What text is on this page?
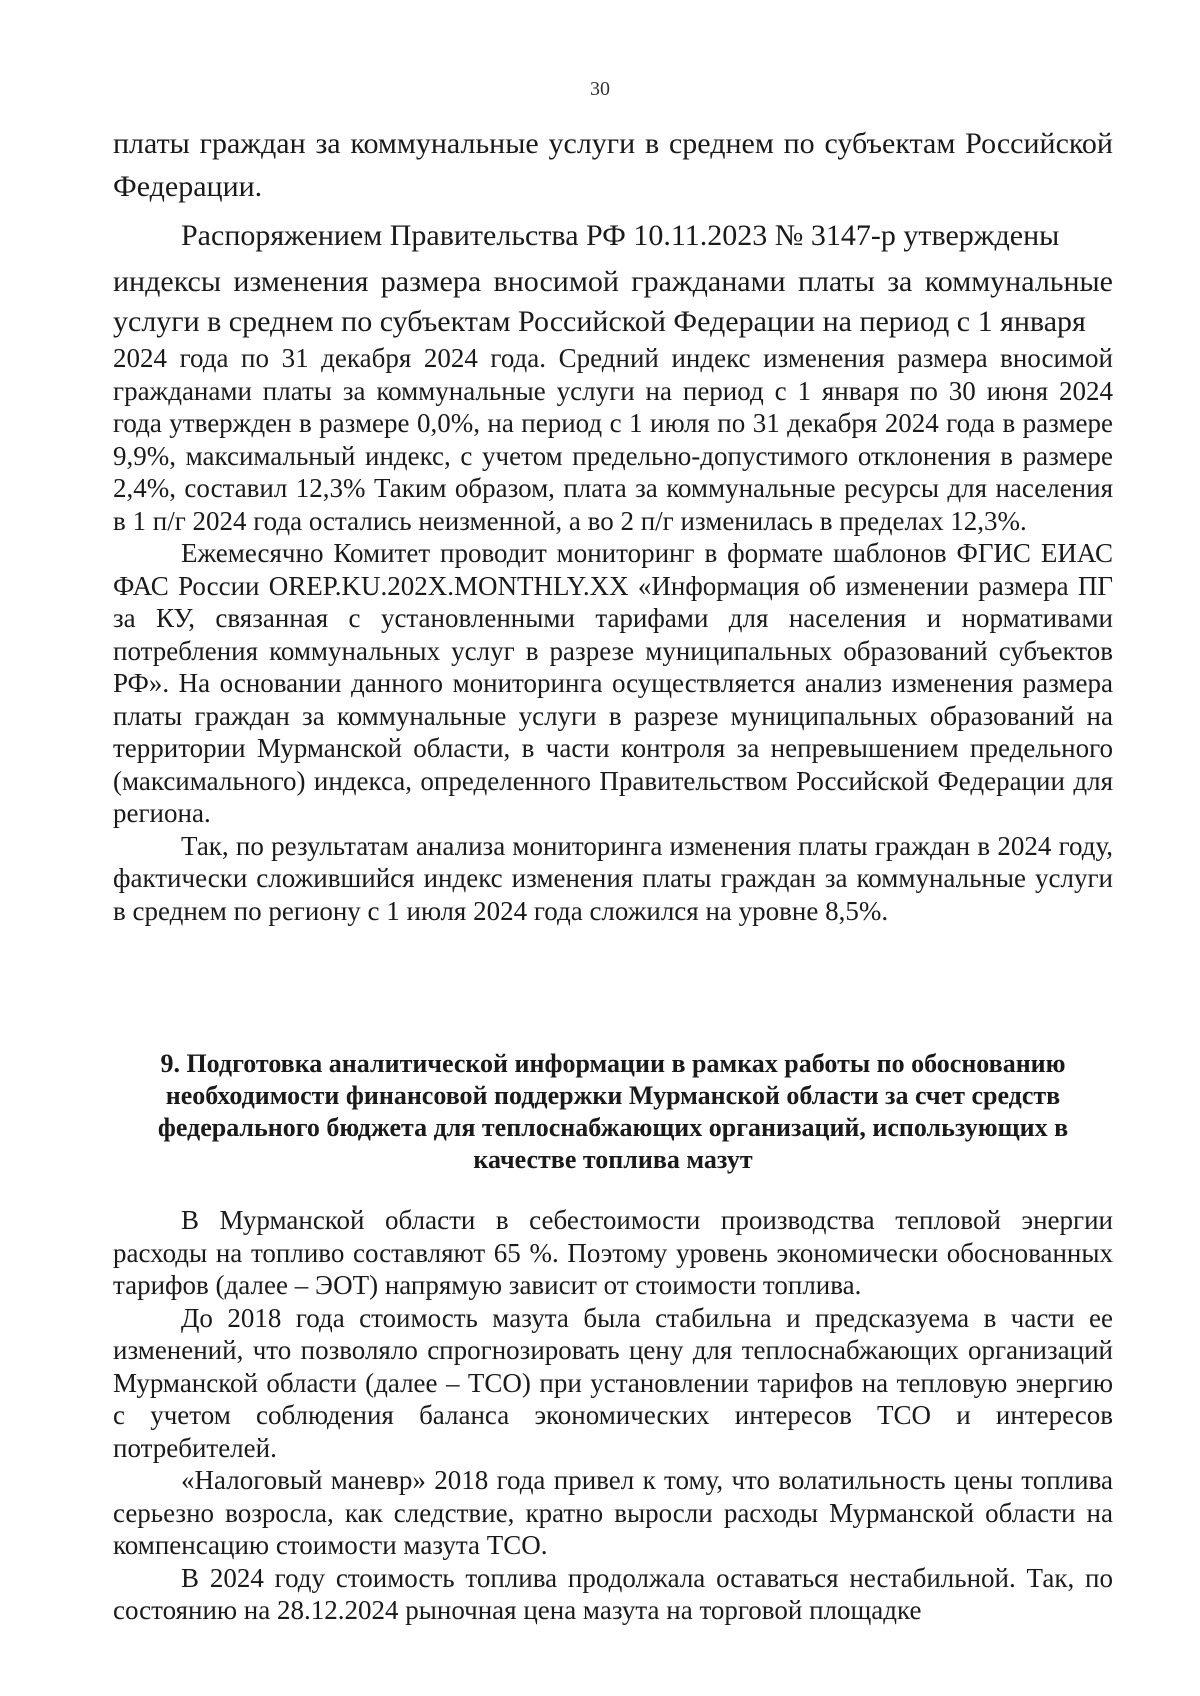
30

платы граждан за коммунальные услуги в среднем по субъектам Российской Федерации.

Распоряжением Правительства РФ 10.11.2023 № 3147-р утверждены

индексы изменения размера вносимой гражданами платы за коммунальные услуги в среднем по субъектам Российской Федерации на период с 1 января

2024 года по 31 декабря 2024 года. Средний индекс изменения размера вносимой гражданами платы за коммунальные услуги на период с 1 января по 30 июня 2024 года утвержден в размере 0,0%, на период с 1 июля по 31 декабря 2024 года в размере 9,9%, максимальный индекс, с учетом предельно-допустимого отклонения в размере 2,4%, составил 12,3% Таким образом, плата за коммунальные ресурсы для населения в 1 п/г 2024 года остались неизменной, а во 2 п/г изменилась в пределах 12,3%.

Ежемесячно Комитет проводит мониторинг в формате шаблонов ФГИС ЕИАС ФАС России OREP.KU.202X.MONTHLY.XX «Информация об изменении размера ПГ за КУ, связанная с установленными тарифами для населения и нормативами потребления коммунальных услуг в разрезе муниципальных образований субъектов РФ». На основании данного мониторинга осуществляется анализ изменения размера платы граждан за коммунальные услуги в разрезе муниципальных образований на территории Мурманской области, в части контроля за непревышением предельного (максимального) индекса, определенного Правительством Российской Федерации для региона.

Так, по результатам анализа мониторинга изменения платы граждан в 2024 году, фактически сложившийся индекс изменения платы граждан за коммунальные услуги в среднем по региону с 1 июля 2024 года сложился на уровне 8,5%.

9. Подготовка аналитической информации в рамках работы по обоснованию необходимости финансовой поддержки Мурманской области за счет средств федерального бюджета для теплоснабжающих организаций, использующих в качестве топлива мазут

В Мурманской области в себестоимости производства тепловой энергии расходы на топливо составляют 65 %. Поэтому уровень экономически обоснованных тарифов (далее – ЭОТ) напрямую зависит от стоимости топлива.

До 2018 года стоимость мазута была стабильна и предсказуема в части ее изменений, что позволяло спрогнозировать цену для теплоснабжающих организаций Мурманской области (далее – ТСО) при установлении тарифов на тепловую энергию с учетом соблюдения баланса экономических интересов ТСО и интересов потребителей.

«Налоговый маневр» 2018 года привел к тому, что волатильность цены топлива серьезно возросла, как следствие, кратно выросли расходы Мурманской области на компенсацию стоимости мазута ТСО.

В 2024 году стоимость топлива продолжала оставаться нестабильной. Так, по состоянию на 28.12.2024 рыночная цена мазута на торговой площадке
